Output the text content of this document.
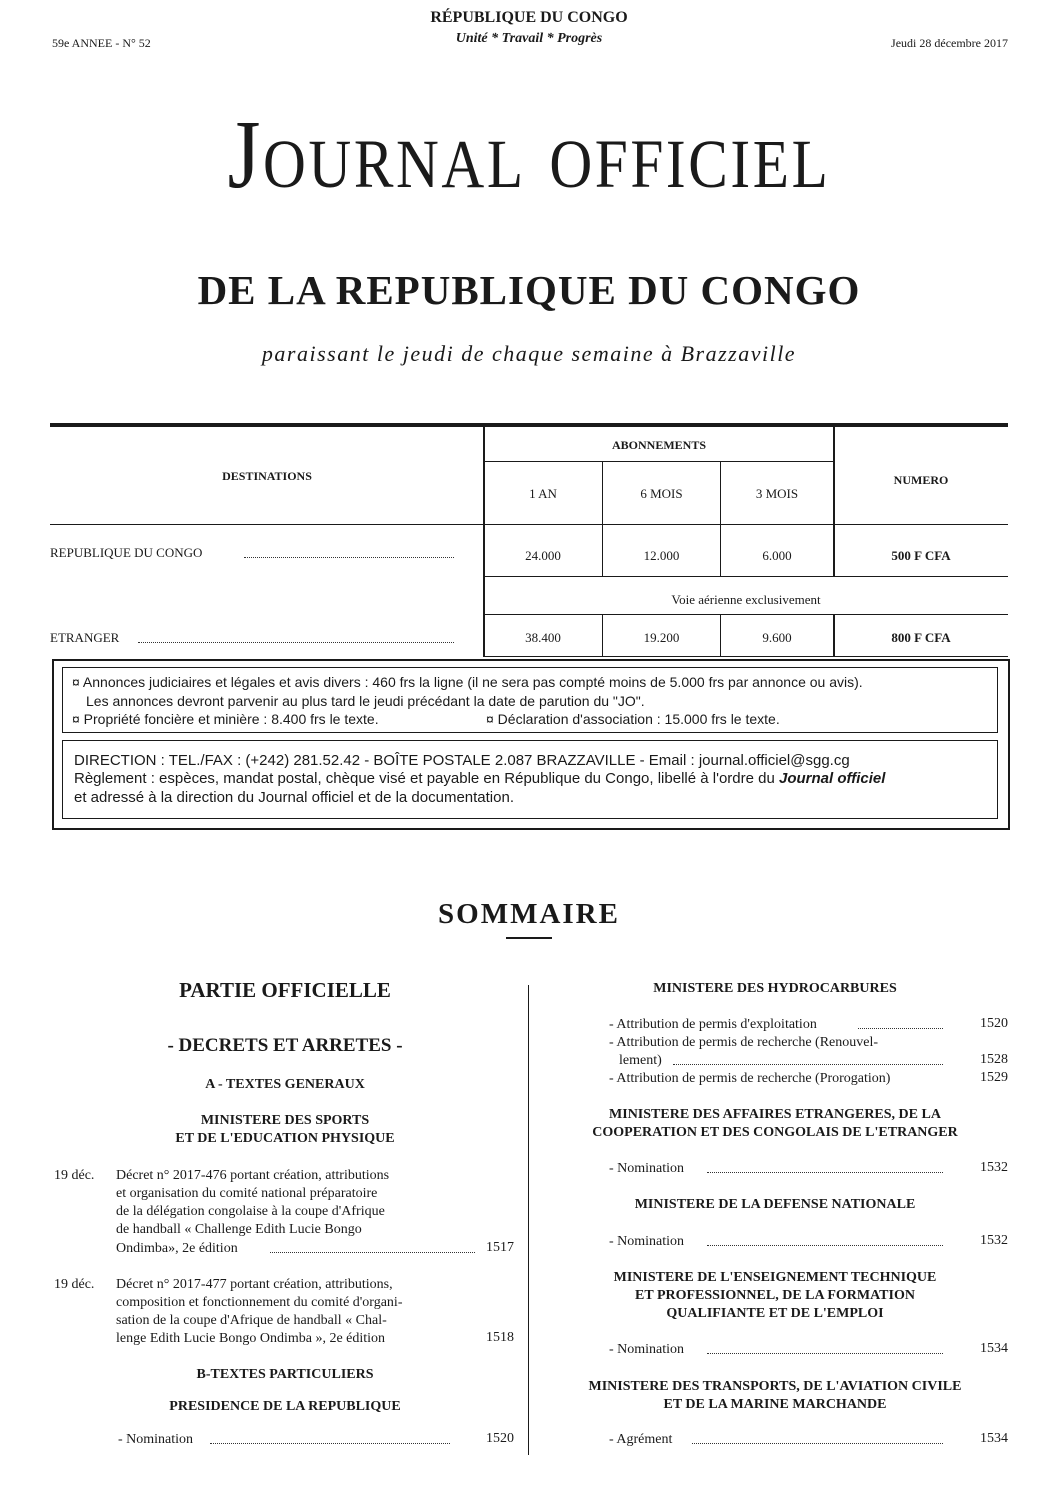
59e ANNEE - N° 52
RÉPUBLIQUE DU CONGO
Unité * Travail * Progrès	Jeudi 28 décembre 2017
Journal officiel
DE LA REPUBLIQUE DU CONGO
paraissant le jeudi de chaque semaine à Brazzaville
DESTINATIONS
ABONNEMENTS
1 AN	6 MOIS	3 MOIS
NUMERO
REPUBLIQUE DU CONGO	24.000	12.000	6.000	500 F CFA
Voie aérienne exclusivement
ETRANGER	38.400	19.200	9.600	800 F CFA
¤ Annonces judiciaires et légales et avis divers : 460 frs la ligne (il ne sera pas compté moins de 5.000 frs par annonce ou avis).
Les annonces devront parvenir au plus tard le jeudi précédant la date de parution du "JO".
¤ Propriété foncière et minière : 8.400 frs le texte.	¤ Déclaration d'association : 15.000 frs le texte.
DIRECTION : TEL./FAX : (+242) 281.52.42 - BOÎTE POSTALE 2.087 BRAZZAVILLE - Email : journal.officiel@sgg.cg
Règlement : espèces, mandat postal, chèque visé et payable en République du Congo, libellé à l'ordre du Journal officiel
et adressé à la direction du Journal officiel et de la documentation.
SOMMAIRE
PARTIE OFFICIELLE
- DECRETS ET ARRETES -
A - TEXTES GENERAUX
MINISTERE DES SPORTS
ET DE L'EDUCATION PHYSIQUE
19 déc. Décret n° 2017-476 portant création, attributions
et organisation du comité national préparatoire
de la délégation congolaise à la coupe d'Afrique
de handball « Challenge Edith Lucie Bongo
Ondimba», 2e édition	1517
19 déc. Décret n° 2017-477 portant création, attributions,
composition et fonctionnement du comité d'organi-
sation de la coupe d'Afrique de handball « Chal-
lenge Edith Lucie Bongo Ondimba », 2e édition	1518
B-TEXTES PARTICULIERS
PRESIDENCE DE LA REPUBLIQUE
- Nomination	1520
MINISTERE DES HYDROCARBURES
- Attribution de permis d'exploitation	1520
- Attribution de permis de recherche (Renouvel-
lement)	1528
- Attribution de permis de recherche (Prorogation)	1529
MINISTERE DES AFFAIRES ETRANGERES, DE LA
COOPERATION ET DES CONGOLAIS DE L'ETRANGER
- Nomination	1532
MINISTERE DE LA DEFENSE NATIONALE
- Nomination	1532
MINISTERE DE L'ENSEIGNEMENT TECHNIQUE
ET PROFESSIONNEL, DE LA FORMATION
QUALIFIANTE ET DE L'EMPLOI
- Nomination	1534
MINISTERE DES TRANSPORTS, DE L'AVIATION CIVILE
ET DE LA MARINE MARCHANDE
- Agrément	1534
